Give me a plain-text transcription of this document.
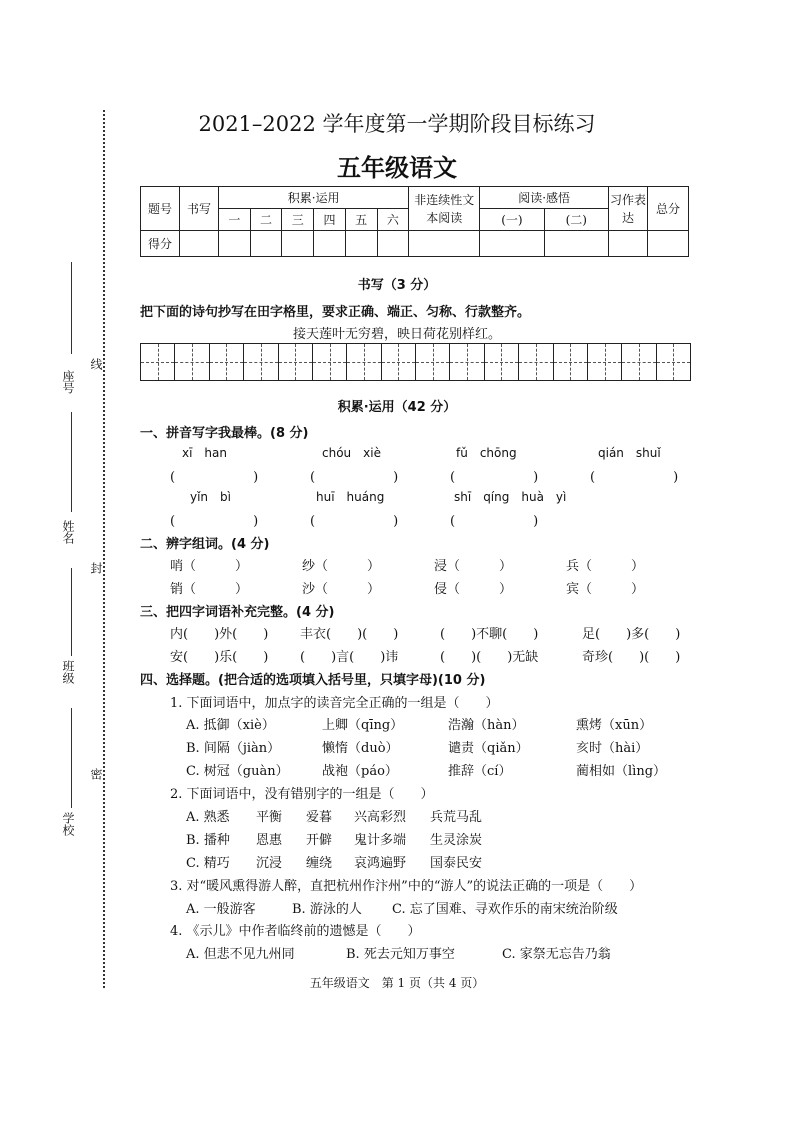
线
封
密
座号
姓名
班级
学校
2021–2022 学年度第一学期阶段目标练习
五年级语文
题号	书写	积累·运用						非连续性文本阅读	阅读·感悟		习作表达	总分
		一	二	三	四	五	六		(一)	(二)		
得分												
书写（3 分）
把下面的诗句抄写在田字格里，要求正确、端正、匀称、行款整齐。
接天莲叶无穷碧，映日荷花别样红。
积累·运用（42 分）
一、拼音写字我最棒。(8 分)
xī　han	chóu　xiè	fǔ　chōng	qián　shuǐ
(　　　　　　)	(　　　　　　)	(　　　　　　)	(　　　　　　)
yǐn　bì	huī　huáng	shī　qíng　huà　yì
(　　　　　　)	(　　　　　　)	(　　　　　　)
二、辨字组词。(4 分)
哨（　　　）	纱（　　　）	浸（　　　）	兵（　　　）
销（　　　）	沙（　　　）	侵（　　　）	宾（　　　）
三、把四字词语补充完整。(4 分)
内(　　)外(　　) 丰衣(　　)(　　)	(　　)不聊(　　)	足(　　)多(　　)
安(　　)乐(　　) (　　)言(　　)讳	(　　)(　　)无缺	奇珍(　　)(　　)
四、选择题。(把合适的选项填入括号里，只填字母)(10 分)
1. 下面词语中，加点字的读音完全正确的一组是（　　）
A. 抵御（xiè）	上卿（qīng）	浩瀚（hàn）	熏烤（xūn）
B. 间隔（jiàn）	懒惰（duò）	谴责（qiǎn）	亥时（hài）
C. 树冠（guàn）	战袍（páo）	推辞（cí）	蔺相如（lìng）
2. 下面词语中，没有错别字的一组是（　　）
A. 熟悉 平衡 爱暮 兴高彩烈 兵荒马乱
B. 播种 恩惠 开僻 鬼计多端 生灵涂炭
C. 精巧 沉浸 缠绕 哀鸿遍野 国泰民安
3. 对“暖风熏得游人醉，直把杭州作汴州”中的“游人”的说法正确的一项是（　　）
A. 一般游客	B. 游泳的人 C. 忘了国难、寻欢作乐的南宋统治阶级
4. 《示儿》中作者临终前的遗憾是（　　）
A. 但悲不见九州同	B. 死去元知万事空	C. 家祭无忘告乃翁
五年级语文　第 1 页（共 4 页）
